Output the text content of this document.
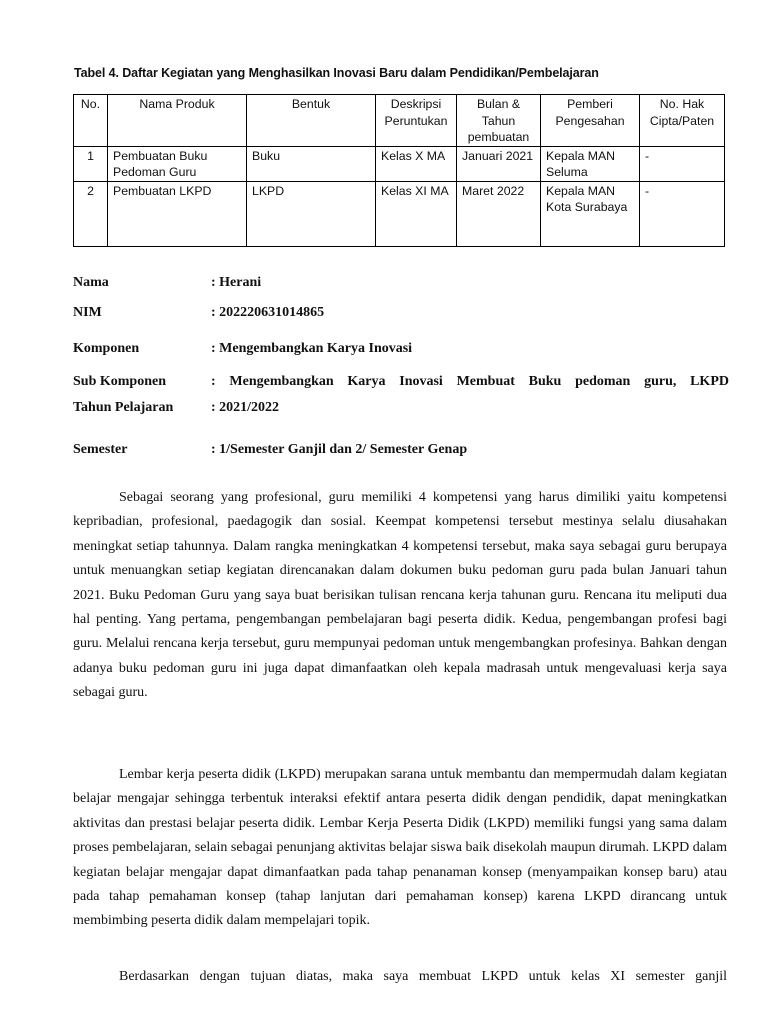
Tabel 4. Daftar Kegiatan yang Menghasilkan Inovasi Baru dalam Pendidikan/Pembelajaran
No.	Nama Produk	Bentuk	Deskripsi Peruntukan	Bulan & Tahun pembuatan	Pemberi Pengesahan	No. Hak Cipta/Paten
1	Pembuatan Buku Pedoman Guru	Buku	Kelas X MA	Januari 2021	Kepala MAN Seluma	-
2	Pembuatan LKPD	LKPD	Kelas XI MA	Maret 2022	Kepala MAN Kota Surabaya	-
Nama	: Herani
NIM	: 202220631014865
Komponen	: Mengembangkan Karya Inovasi
Sub Komponen	: Mengembangkan Karya Inovasi Membuat Buku pedoman guru, LKPD
Tahun Pelajaran	: 2021/2022
Semester	: 1/Semester Ganjil dan 2/ Semester Genap

Sebagai seorang yang profesional, guru memiliki 4 kompetensi yang harus dimiliki yaitu kompetensi kepribadian, profesional, paedagogik dan sosial. Keempat kompetensi tersebut mestinya selalu diusahakan meningkat setiap tahunnya. Dalam rangka meningkatkan 4 kompetensi tersebut, maka saya sebagai guru berupaya untuk menuangkan setiap kegiatan direncanakan dalam dokumen buku pedoman guru pada bulan Januari tahun 2021. Buku Pedoman Guru yang saya buat berisikan tulisan rencana kerja tahunan guru. Rencana itu meliputi dua hal penting. Yang pertama, pengembangan pembelajaran bagi peserta didik. Kedua, pengembangan profesi bagi guru. Melalui rencana kerja tersebut, guru mempunyai pedoman untuk mengembangkan profesinya. Bahkan dengan adanya buku pedoman guru ini juga dapat dimanfaatkan oleh kepala madrasah untuk mengevaluasi kerja saya sebagai guru.

Lembar kerja peserta didik (LKPD) merupakan sarana untuk membantu dan mempermudah dalam kegiatan belajar mengajar sehingga terbentuk interaksi efektif antara peserta didik dengan pendidik, dapat meningkatkan aktivitas dan prestasi belajar peserta didik. Lembar Kerja Peserta Didik (LKPD) memiliki fungsi yang sama dalam proses pembelajaran, selain sebagai penunjang aktivitas belajar siswa baik disekolah maupun dirumah. LKPD dalam kegiatan belajar mengajar dapat dimanfaatkan pada tahap penanaman konsep (menyampaikan konsep baru) atau pada tahap pemahaman konsep (tahap lanjutan dari pemahaman konsep) karena LKPD dirancang untuk membimbing peserta didik dalam mempelajari topik.

Berdasarkan dengan tujuan diatas, maka saya membuat LKPD untuk kelas XI semester ganjil
